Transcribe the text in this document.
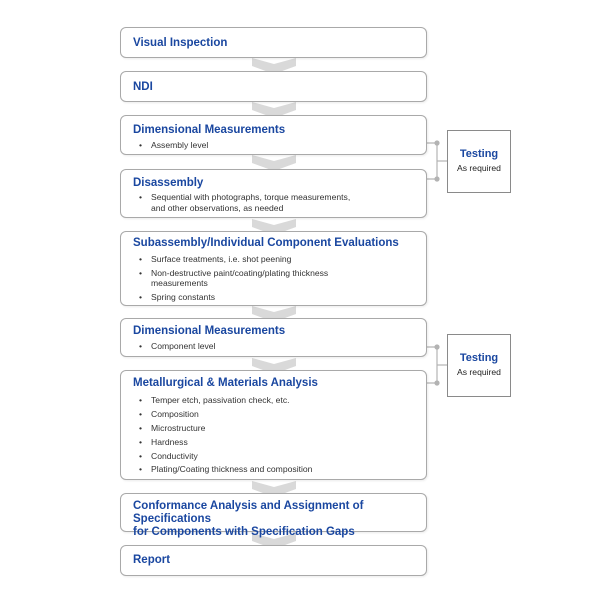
Visual Inspection
NDI
Dimensional Measurements
• Assembly level
Disassembly
• Sequential with photographs, torque measurements, and other observations, as needed
Subassembly/Individual Component Evaluations
• Surface treatments, i.e. shot peening
• Non-destructive paint/coating/plating thickness measurements
• Spring constants
Dimensional Measurements
• Component level
Metallurgical & Materials Analysis
• Temper etch, passivation check, etc.
• Composition
• Microstructure
• Hardness
• Conductivity
• Plating/Coating thickness and composition
Conformance Analysis and Assignment of Specifications
for Components with Specification Gaps
Report
Testing
As required
Testing
As required
